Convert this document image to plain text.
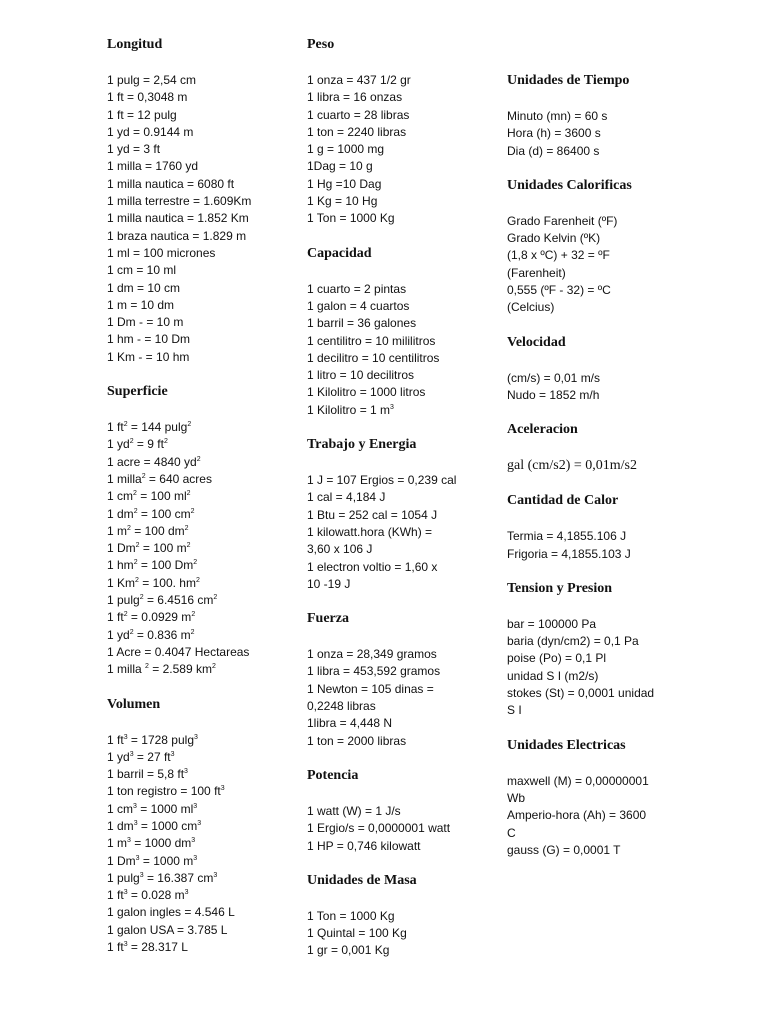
Longitud
1 pulg = 2,54 cm
1 ft = 0,3048 m
1 ft = 12 pulg
1 yd = 0.9144 m
1 yd = 3 ft
1 milla = 1760 yd
1 milla nautica = 6080 ft
1 milla terrestre = 1.609Km
1 milla nautica = 1.852 Km
1 braza nautica = 1.829 m
1 ml = 100 micrones
1 cm = 10 ml
1 dm = 10 cm
1 m = 10 dm
1 Dm - = 10 m
1 hm - = 10 Dm
1 Km - = 10 hm
Superficie
1 $ft^2 = 144$ pulg$^2$
1 $yd^2 = 9$ $ft^2$
1 acre = 4840 $yd^2$
1 milla$^2$ = 640 acres
1 $cm^2 = 100$ $ml^2$
1 $dm^2 = 100$ $cm^2$
1 $m^2 = 100$ $dm^2$
1 $Dm^2 = 100$ $m^2$
1 $hm^2 = 100$ Dm$^2$
1 $Km^2 = 100$. $hm^2$
1 pulg$^2$ = 6.4516 $cm^2$
1 $ft^2 = 0.0929$ $m^2$
1 $yd^2 = 0.836$ $m^2$
1 Acre = 0.4047 Hectareas
1 milla $^2$ = 2.589 $km^2$
Volumen
1 $ft^3 = 1728$ pulg$^3$
1 $yd^3 = 27$ $ft^3$
1 barril = 5,8 $ft^3$
1 ton registro = 100 $ft^3$
1 $cm^3 = 1000$ $ml^3$
1 $dm^3 = 1000$ $cm^3$
1 $m^3 = 1000$ $dm^3$
1 $Dm^3 = 1000$ $m^3$
1 pulg$^3$ = 16.387 $cm^3$
1 $ft^3 = 0.028$ $m^3$
1 galon ingles = 4.546 L
1 galon USA = 3.785 L
1 $ft^3 = 28.317$ L
Peso
1 onza = 437 1/2 gr
1 libra = 16 onzas
1 cuarto = 28 libras
1 ton = 2240 libras
1 g = 1000 mg
1Dag = 10 g
1 Hg =10 Dag
1 Kg = 10 Hg
1 Ton = 1000 Kg
Capacidad
1 cuarto = 2 pintas
1 galon = 4 cuartos
1 barril = 36 galones
1 centilitro = 10 mililitros
1 decilitro = 10 centilitros
1 litro = 10 decilitros
1 Kilolitro = 1000 litros
1 Kilolitro = 1 $m^3$
Trabajo y Energia
1 J = 107 Ergios = 0,239 cal
1 cal = 4,184 J
1 Btu = 252 cal = 1054 J
1 kilowatt.hora (KWh) =
3,60 x 106 J
1 electron voltio = 1,60 x
10 -19 J
Fuerza
1 onza = 28,349 gramos
1 libra = 453,592 gramos
1 Newton = 105 dinas =
0,2248 libras
1libra = 4,448 N
1 ton = 2000 libras
Potencia
1 watt (W) = 1 J/s
1 Ergio/s = 0,0000001 watt
1 HP = 0,746 kilowatt
Unidades de Masa
1 Ton = 1000 Kg
1 Quintal = 100 Kg
1 gr = 0,001 Kg
Unidades de Tiempo
Minuto (mn) = 60 s
Hora (h) = 3600 s
Dia (d) = 86400 s
Unidades Calorificas
Grado Farenheit (ºF)
Grado Kelvin (ºK)
(1,8 x ºC) + 32 = ºF
(Farenheit)
0,555 (ºF - 32) = ºC
(Celcius)
Velocidad
(cm/s) = 0,01 m/s
Nudo = 1852 m/h
Aceleracion
gal (cm/s2) = 0,01m/s2
Cantidad de Calor
Termia = 4,1855.106 J
Frigoria = 4,1855.103 J
Tension y Presion
bar = 100000 Pa
baria (dyn/cm2) = 0,1 Pa
poise (Po) = 0,1 Pl
unidad S I (m2/s)
stokes (St) = 0,0001 unidad
S I
Unidades Electricas
maxwell (M) = 0,00000001
Wb
Amperio-hora (Ah) = 3600
C
gauss (G) = 0,0001 T
